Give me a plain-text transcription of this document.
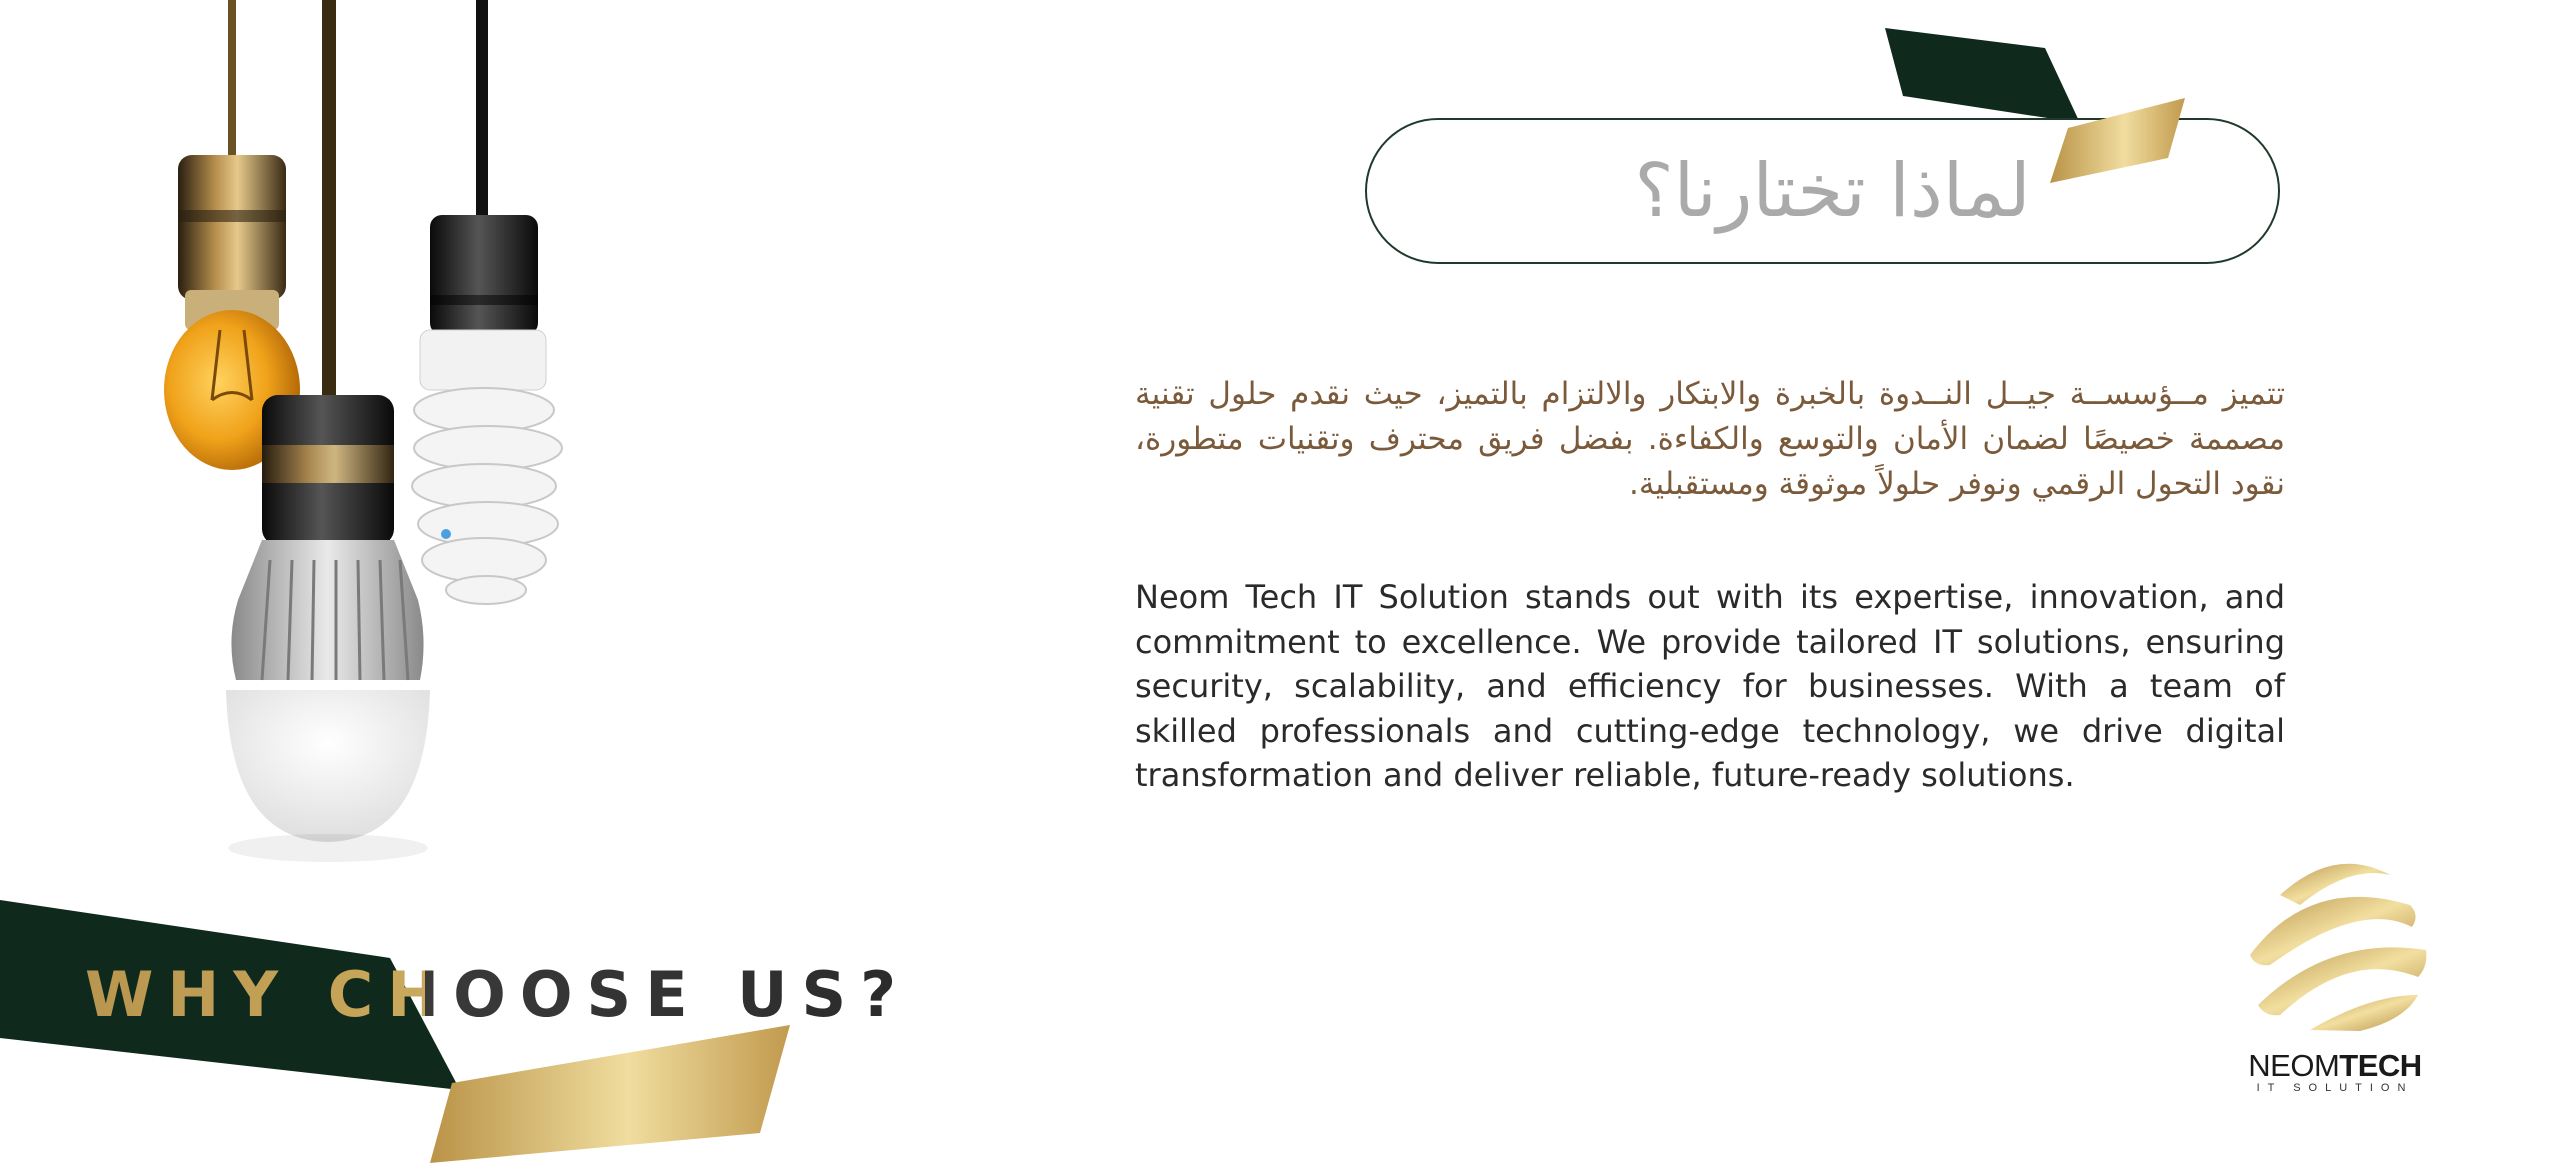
WHY CHOOSE US?
لماذا تختارنا؟
تتميز مــؤسســة جيــل النــدوة بالخبرة والابتكار والالتزام بالتميز، حيث نقدم حلول تقنية مصممة خصيصًا لضمان الأمان والتوسع والكفاءة. بفضل فريق محترف وتقنيات متطورة، نقود التحول الرقمي ونوفر حلولاً موثوقة ومستقبلية.
Neom Tech IT Solution stands out with its expertise, innovation, and commitment to excellence. We provide tailored IT solutions, ensuring security, scalability, and efficiency for businesses. With a team of skilled professionals and cutting-edge technology, we drive digital transformation and deliver reliable, future-ready solutions.
NEOMTECH
IT SOLUTION
